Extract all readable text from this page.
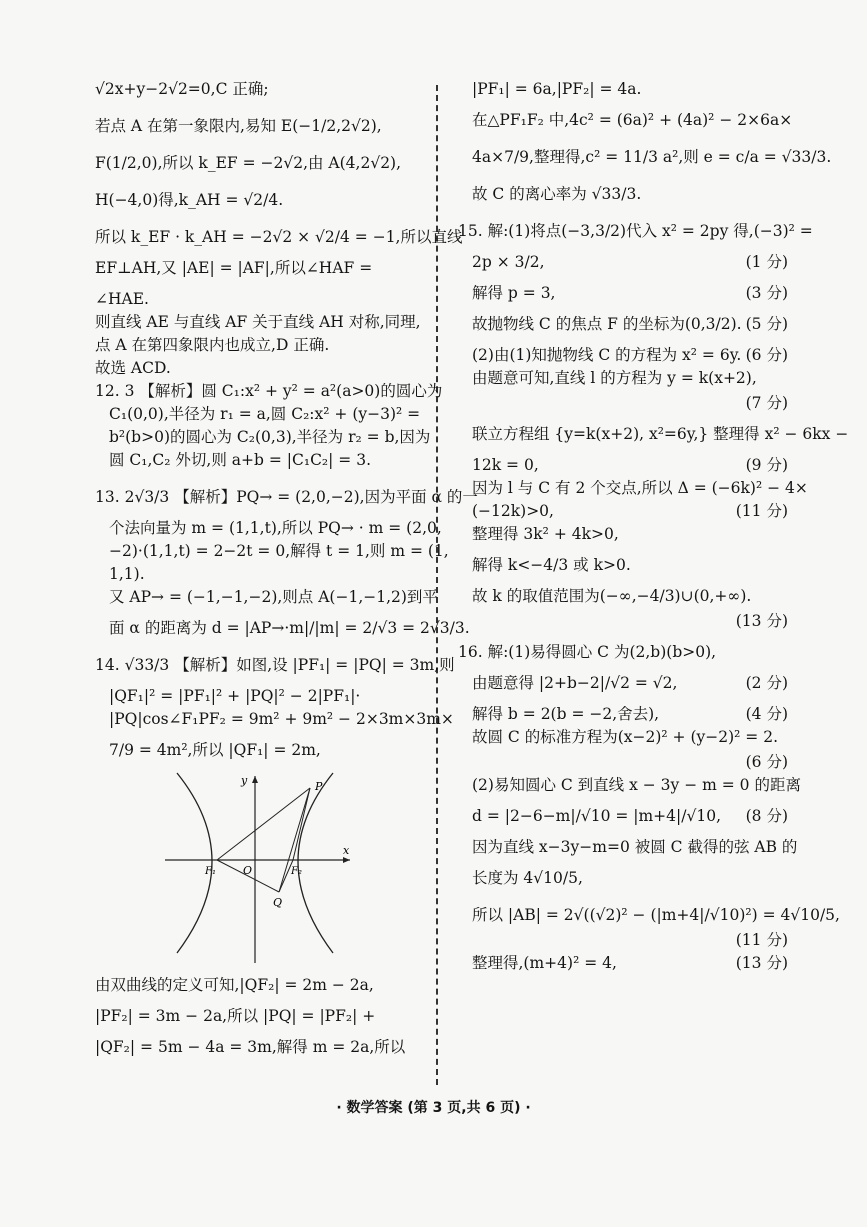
√2x+y−2√2=0,C 正确;

若点 A 在第一象限内,易知 E(−1/2,2√2),

F(1/2,0),所以 k_EF = −2√2,由 A(4,2√2),

H(−4,0)得,k_AH = √2/4.

所以 k_EF · k_AH = −2√2 × √2/4 = −1,所以直线

EF⊥AH,又 |AE| = |AF|,所以∠HAF =

∠HAE.

则直线 AE 与直线 AF 关于直线 AH 对称,同理,

点 A 在第四象限内也成立,D 正确.

故选 ACD.

12. 3 【解析】圆 C₁:x² + y² = a²(a>0)的圆心为

C₁(0,0),半径为 r₁ = a,圆 C₂:x² + (y−3)² =

b²(b>0)的圆心为 C₂(0,3),半径为 r₂ = b,因为

圆 C₁,C₂ 外切,则 a+b = |C₁C₂| = 3.

13. 2√3/3 【解析】PQ→ = (2,0,−2),因为平面 α 的一

个法向量为 m = (1,1,t),所以 PQ→ · m = (2,0,

−2)·(1,1,t) = 2−2t = 0,解得 t = 1,则 m = (1,

1,1).

又 AP→ = (−1,−1,−2),则点 A(−1,−1,2)到平

面 α 的距离为 d = |AP→·m|/|m| = 2/√3 = 2√3/3.

14. √33/3 【解析】如图,设 |PF₁| = |PQ| = 3m,则

|QF₁|² = |PF₁|² + |PQ|² − 2|PF₁|·

|PQ|cos∠F₁PF₂ = 9m² + 9m² − 2×3m×3m×

7/9 = 4m²,所以 |QF₁| = 2m,

P
Q
O
F₁	F₂
x
y

由双曲线的定义可知,|QF₂| = 2m − 2a,

|PF₂| = 3m − 2a,所以 |PQ| = |PF₂| +

|QF₂| = 5m − 4a = 3m,解得 m = 2a,所以

|PF₁| = 6a,|PF₂| = 4a.

在△PF₁F₂ 中,4c² = (6a)² + (4a)² − 2×6a×

4a×7/9,整理得,c² = 11/3 a²,则 e = c/a = √33/3.

故 C 的离心率为 √33/3.

15. 解:(1)将点(−3,3/2)代入 x² = 2py 得,(−3)² =

2p × 3/2,	(1 分)
解得 p = 3,	(3 分)
故抛物线 C 的焦点 F 的坐标为(0,3/2). (5 分)
(2)由(1)知抛物线 C 的方程为 x² = 6y. (6 分)

由题意可知,直线 l 的方程为 y = k(x+2),

(7 分)

联立方程组 {y=k(x+2), x²=6y,} 整理得 x² − 6kx −

12k = 0,	(9 分)

因为 l 与 C 有 2 个交点,所以 Δ = (−6k)² − 4×

(−12k)>0,	(11 分)

整理得 3k² + 4k>0,

解得 k<−4/3 或 k>0.

故 k 的取值范围为(−∞,−4/3)∪(0,+∞).

(13 分)

16. 解:(1)易得圆心 C 为(2,b)(b>0),

由题意得 |2+b−2|/√2 = √2,	(2 分)
解得 b = 2(b = −2,舍去),	(4 分)

故圆 C 的标准方程为(x−2)² + (y−2)² = 2.

(6 分)

(2)易知圆心 C 到直线 x − 3y − m = 0 的距离

d = |2−6−m|/√10 = |m+4|/√10, (8 分)

因为直线 x−3y−m=0 被圆 C 截得的弦 AB 的

长度为 4√10/5,

所以 |AB| = 2√((√2)² − (|m+4|/√10)²) = 4√10/5,

(11 分)
整理得,(m+4)² = 4,	(13 分)
· 数学答案 (第 3 页,共 6 页) ·
